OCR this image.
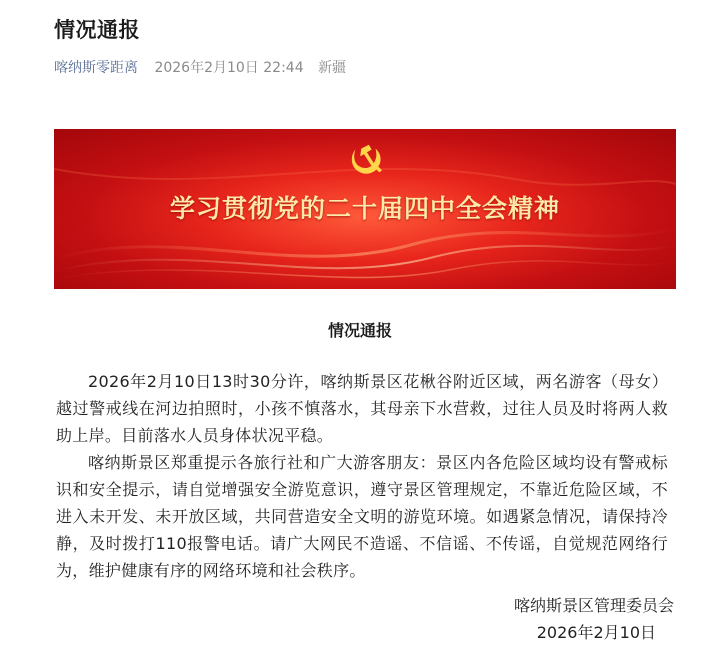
情况通报
喀纳斯零距离 2026年2月10日 22:44 新疆
学习贯彻党的二十届四中全会精神
情况通报

2026年2月10日13时30分许，喀纳斯景区花楸谷附近区域，两名游客（母女）越过警戒线在河边拍照时，小孩不慎落水，其母亲下水营救，过往人员及时将两人救助上岸。目前落水人员身体状况平稳。

喀纳斯景区郑重提示各旅行社和广大游客朋友：景区内各危险区域均设有警戒标识和安全提示，请自觉增强安全游览意识，遵守景区管理规定，不靠近危险区域，不进入未开发、未开放区域，共同营造安全文明的游览环境。如遇紧急情况，请保持冷静，及时拨打110报警电话。请广大网民不造谣、不信谣、不传谣，自觉规范网络行为，维护健康有序的网络环境和社会秩序。

喀纳斯景区管理委员会
2026年2月10日
